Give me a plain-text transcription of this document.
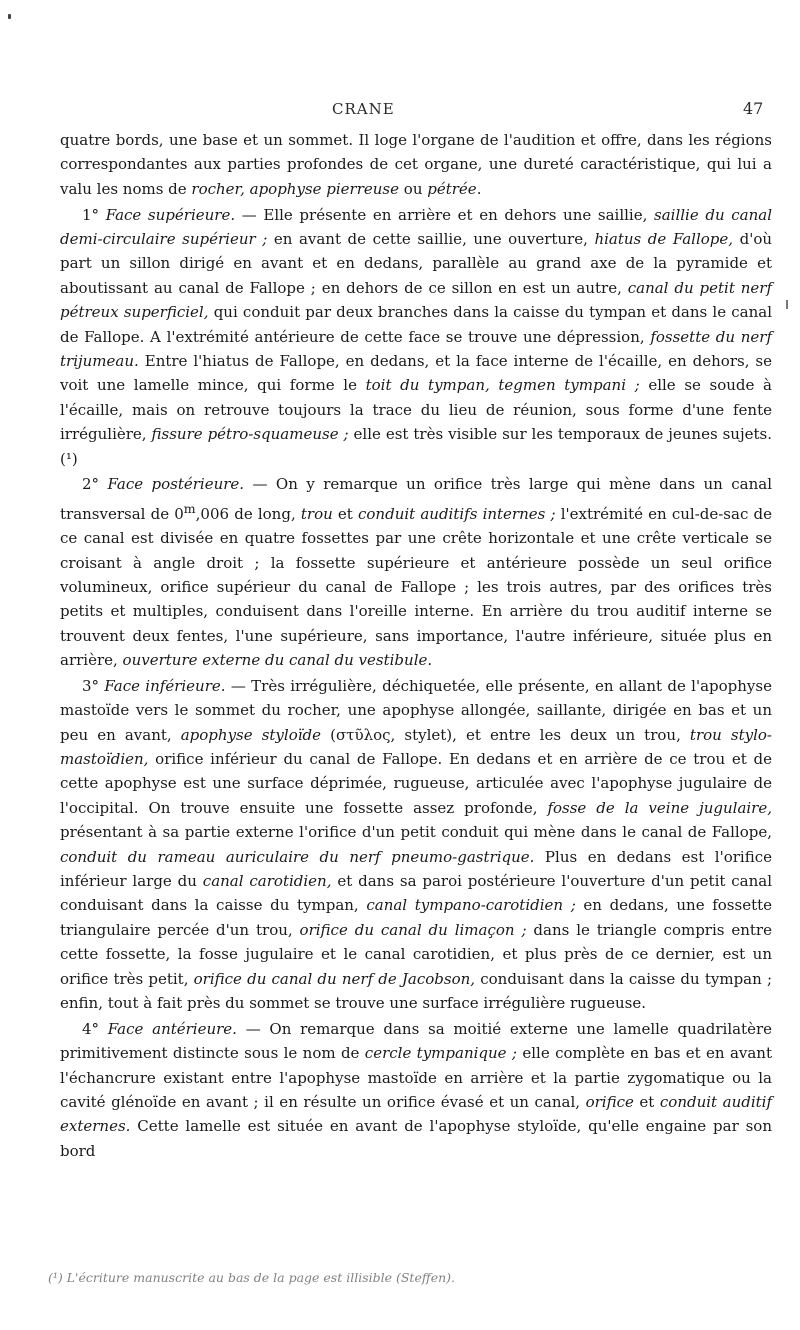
CRANE	47

quatre bords, une base et un sommet. Il loge l'organe de l'audition et offre, dans les régions correspondantes aux parties profondes de cet organe, une dureté caractéristique, qui lui a valu les noms de rocher, apophyse pierreuse ou pétrée.

1° Face supérieure. — Elle présente en arrière et en dehors une saillie, saillie du canal demi-circulaire supérieur ; en avant de cette saillie, une ouverture, hiatus de Fallope, d'où part un sillon dirigé en avant et en dedans, parallèle au grand axe de la pyramide et aboutissant au canal de Fallope ; en dehors de ce sillon en est un autre, canal du petit nerf pétreux superficiel, qui conduit par deux branches dans la caisse du tympan et dans le canal de Fallope. A l'extrémité antérieure de cette face se trouve une dépression, fossette du nerf trijumeau. Entre l'hiatus de Fallope, en dedans, et la face interne de l'écaille, en dehors, se voit une lamelle mince, qui forme le toit du tympan, tegmen tympani ; elle se soude à l'écaille, mais on retrouve toujours la trace du lieu de réunion, sous forme d'une fente irrégulière, fissure pétro-squameuse ; elle est très visible sur les temporaux de jeunes sujets.(¹)

2° Face postérieure. — On y remarque un orifice très large qui mène dans un canal transversal de 0$^m$,006 de long, trou et conduit auditifs internes ; l'extrémité en cul-de-sac de ce canal est divisée en quatre fossettes par une crête horizontale et une crête verticale se croisant à angle droit ; la fossette supérieure et antérieure possède un seul orifice volumineux, orifice supérieur du canal de Fallope ; les trois autres, par des orifices très petits et multiples, conduisent dans l'oreille interne. En arrière du trou auditif interne se trouvent deux fentes, l'une supérieure, sans importance, l'autre inférieure, située plus en arrière, ouverture externe du canal du vestibule.

3° Face inférieure. — Très irrégulière, déchiquetée, elle présente, en allant de l'apophyse mastoïde vers le sommet du rocher, une apophyse allongée, saillante, dirigée en bas et un peu en avant, apophyse styloïde (στῦλος, stylet), et entre les deux un trou, trou stylo-mastoïdien, orifice inférieur du canal de Fallope. En dedans et en arrière de ce trou et de cette apophyse est une surface déprimée, rugueuse, articulée avec l'apophyse jugulaire de l'occipital. On trouve ensuite une fossette assez profonde, fosse de la veine jugulaire, présentant à sa partie externe l'orifice d'un petit conduit qui mène dans le canal de Fallope, conduit du rameau auriculaire du nerf pneumo-gastrique. Plus en dedans est l'orifice inférieur large du canal carotidien, et dans sa paroi postérieure l'ouverture d'un petit canal conduisant dans la caisse du tympan, canal tympano-carotidien ; en dedans, une fossette triangulaire percée d'un trou, orifice du canal du limaçon ; dans le triangle compris entre cette fossette, la fosse jugulaire et le canal carotidien, et plus près de ce dernier, est un orifice très petit, orifice du canal du nerf de Jacobson, conduisant dans la caisse du tympan ; enfin, tout à fait près du sommet se trouve une surface irrégulière rugueuse.

4° Face antérieure. — On remarque dans sa moitié externe une lamelle quadrilatère primitivement distincte sous le nom de cercle tympanique ; elle complète en bas et en avant l'échancrure existant entre l'apophyse mastoïde en arrière et la partie zygomatique ou la cavité glénoïde en avant ; il en résulte un orifice évasé et un canal, orifice et conduit auditif externes. Cette lamelle est située en avant de l'apophyse styloïde, qu'elle engaine par son bord

(¹) L'écriture manuscrite au bas de la page est illisible (Steffen).
